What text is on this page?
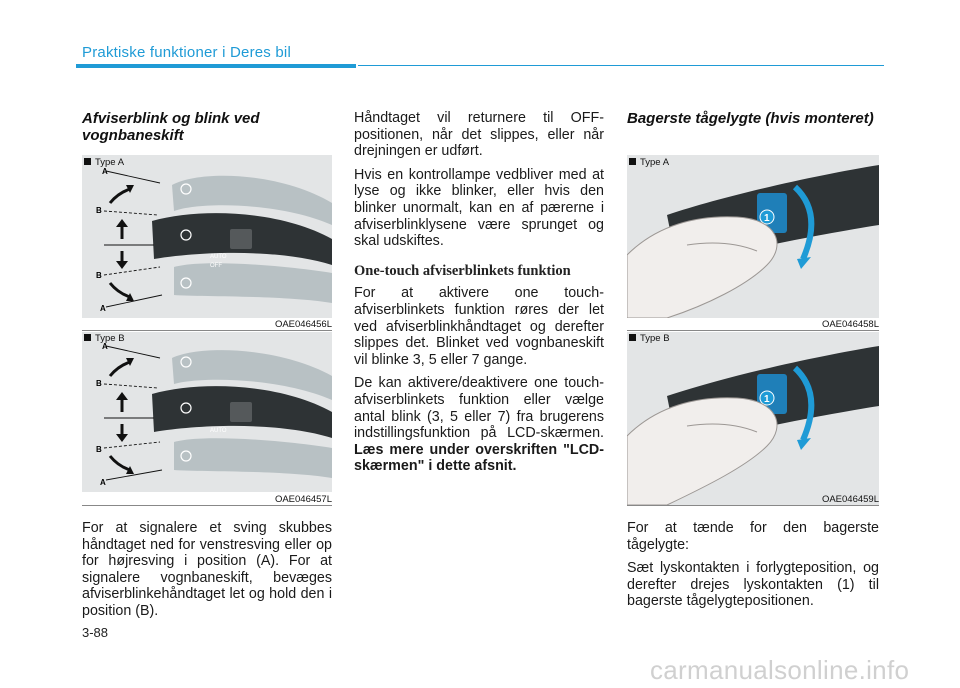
Praktiske funktioner i Deres bil
Afviserblink og blink ved vognbaneskift
AUTO
OFF
A
B
B
A
Type A
OAE046456L
AUTO
A
B
B
A
Type B
OAE046457L

For at signalere et sving skubbes håndtaget ned for venstresving eller op for højresving i position (A). For at signalere vognbaneskift, bevæges afviserblinkehåndtaget let og hold den i position (B).

Håndtaget vil returnere til OFF-positionen, når det slippes, eller når drejningen er udført.

Hvis en kontrollampe vedbliver med at lyse og ikke blinker, eller hvis den blinker unormalt, kan en af pærerne i afviserblinklysene være sprunget og skal udskiftes.

One-touch afviserblinkets funktion

For at aktivere one touch-afviserblinkets funktion røres der let ved afviserblinkhåndtaget og derefter slippes det. Blinket ved vognbaneskift vil blinke 3, 5 eller 7 gange.

De kan aktivere/deaktivere one touch-afviserblinkets funktion eller vælge antal blink (3, 5 eller 7) fra brugerens indstillingsfunktion på LCD-skærmen. Læs mere under overskriften "LCD-skærmen" i dette afsnit.

Bagerste tågelygte (hvis monteret)
1
Type A
OAE046458L
1
Type B
OAE046459L

For at tænde for den bagerste tågelygte:

Sæt lyskontakten i forlygteposition, og derefter drejes lyskontakten (1) til bagerste tågelygtepositionen.

3-88
carmanualsonline.info
